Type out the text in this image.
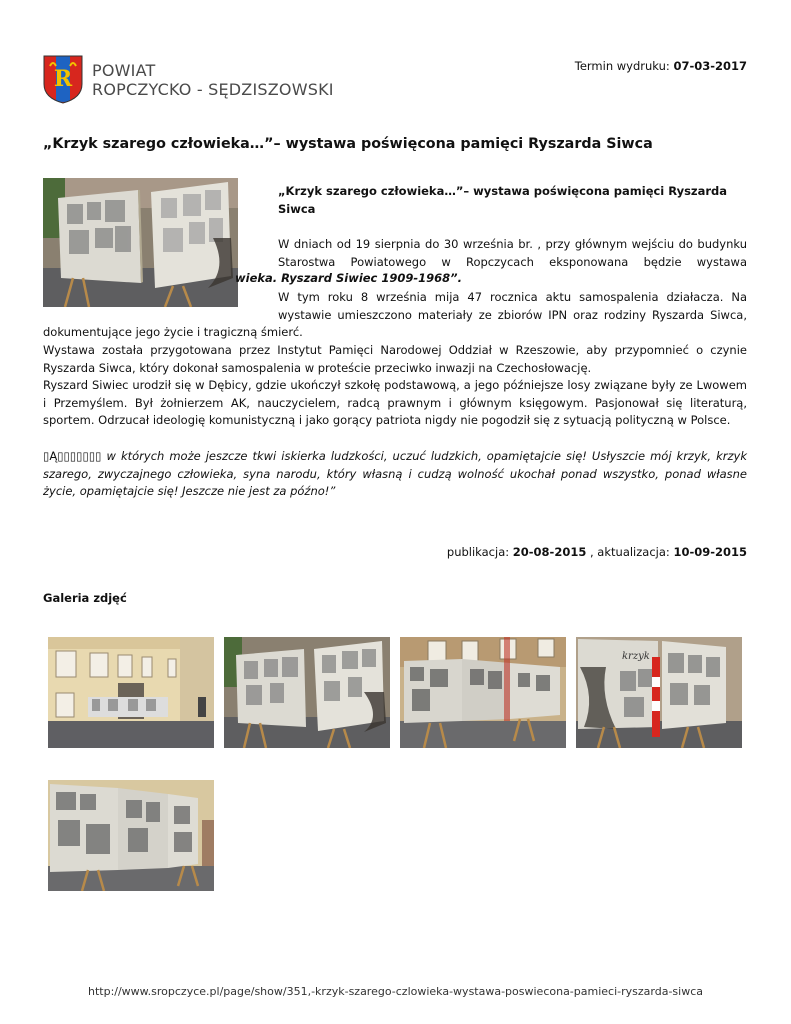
R POWIAT
ROPCZYCKO - SĘDZISZOWSKI
Termin wydruku: 07-03-2017
„Krzyk szarego człowieka…”– wystawa poświęcona pamięci Ryszarda Siwca
„Krzyk szarego człowieka…”– wystawa poświęcona pamięci Ryszarda Siwca

W dniach od 19 sierpnia do 30 września br. , przy głównym wejściu do budynku

Starostwa Powiatowego w Ropczycach eksponowana będzie wystawa

wieka. Ryszard Siwiec 1909-1968”.

W tym roku 8 września mija 47 rocznica aktu samospalenia działacza. Na

wystawie umieszczono materiały ze zbiorów IPN oraz rodziny Ryszarda Siwca,

dokumentujące jego życie i tragiczną śmierć.

Wystawa została przygotowana przez Instytut Pamięci Narodowej Oddział w Rzeszowie, aby przypomnieć o czynie Ryszarda Siwca, który dokonał samospalenia w proteście przeciwko inwazji na Czechosłowację.

Ryszard Siwiec urodził się w Dębicy, gdzie ukończył szkołę podstawową, a jego późniejsze losy związane były ze Lwowem i Przemyślem. Był żołnierzem AK, nauczycielem, radcą prawnym i głównym księgowym. Pasjonował się literaturą, sportem. Odrzucał ideologię komunistyczną i jako gorący patriota nigdy nie pogodził się z sytuacją polityczną w Polsce.

▯Ą▯▯▯▯▯▯▯ w których może jeszcze tkwi iskierka ludzkości, uczuć ludzkich, opamiętajcie się! Usłyszcie mój krzyk, krzyk szarego, zwyczajnego człowieka, syna narodu, który własną i cudzą wolność ukochał ponad wszystko, ponad własne życie, opamiętajcie się! Jeszcze nie jest za późno!”

publikacja: 20-08-2015 , aktualizacja: 10-09-2015
Galeria zdjęć
krzyk
http://www.sropczyce.pl/page/show/351,-krzyk-szarego-czlowieka-wystawa-poswiecona-pamieci-ryszarda-siwca
